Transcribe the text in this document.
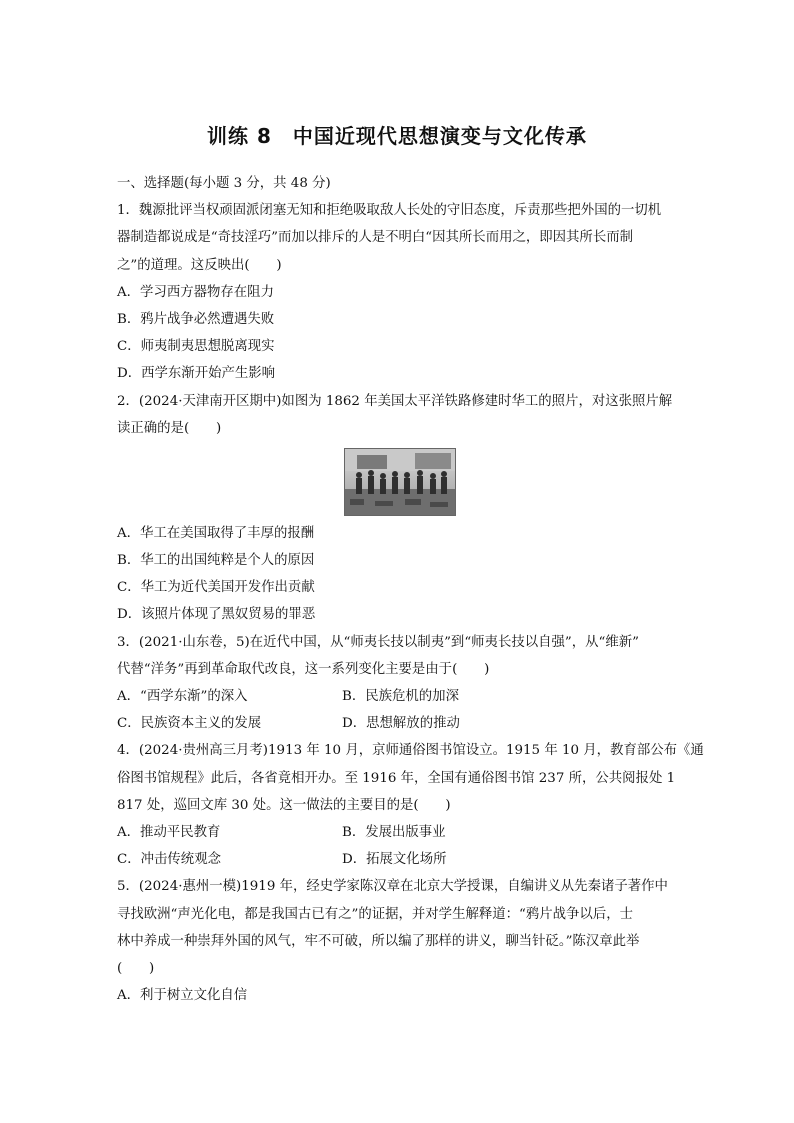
训练 8　中国近现代思想演变与文化传承
一、选择题(每小题 3 分，共 48 分)
1．魏源批评当权顽固派闭塞无知和拒绝吸取敌人长处的守旧态度，斥责那些把外国的一切机
器制造都说成是“奇技淫巧”而加以排斥的人是不明白“因其所长而用之，即因其所长而制
之”的道理。这反映出(　　)
A．学习西方器物存在阻力
B．鸦片战争必然遭遇失败
C．师夷制夷思想脱离现实
D．西学东渐开始产生影响
2．(2024·天津南开区期中)如图为 1862 年美国太平洋铁路修建时华工的照片，对这张照片解
读正确的是(　　)
A．华工在美国取得了丰厚的报酬
B．华工的出国纯粹是个人的原因
C．华工为近代美国开发作出贡献
D．该照片体现了黑奴贸易的罪恶
3．(2021·山东卷，5)在近代中国，从“师夷长技以制夷”到“师夷长技以自强”，从“维新”
代替“洋务”再到革命取代改良，这一系列变化主要是由于(　　)
A．“西学东渐”的深入	B．民族危机的加深
C．民族资本主义的发展	D．思想解放的推动
4．(2024·贵州高三月考)1913 年 10 月，京师通俗图书馆设立。1915 年 10 月，教育部公布《通
俗图书馆规程》此后，各省竟相开办。至 1916 年，全国有通俗图书馆 237 所，公共阅报处 1
817 处，巡回文库 30 处。这一做法的主要目的是(　　)
A．推动平民教育	B．发展出版事业
C．冲击传统观念	D．拓展文化场所
5．(2024·惠州一模)1919 年，经史学家陈汉章在北京大学授课，自编讲义从先秦诸子著作中
寻找欧洲“声光化电，都是我国古已有之”的证据，并对学生解释道：“鸦片战争以后，士
林中养成一种崇拜外国的风气，牢不可破，所以编了那样的讲义，聊当针砭。”陈汉章此举
(　　)
A．利于树立文化自信
